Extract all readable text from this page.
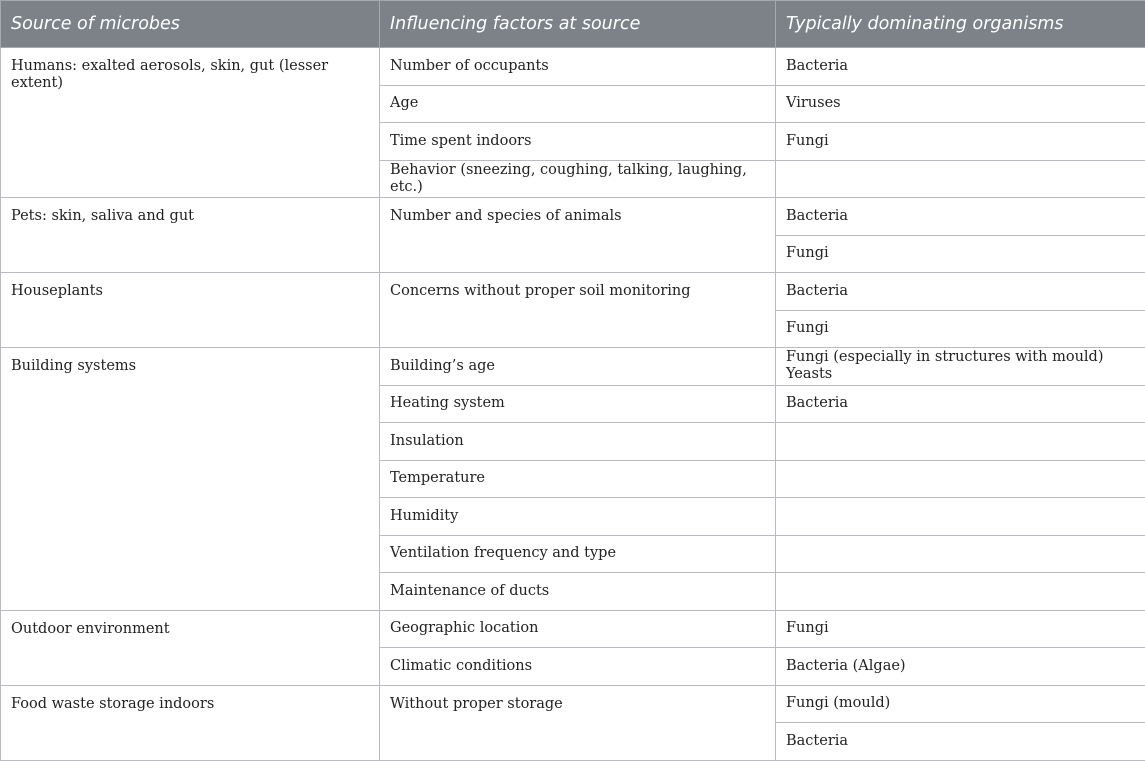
Source of microbes	Influencing factors at source	Typically dominating organisms
Humans: exalted aerosols, skin, gut (lesser extent)	Number of occupants	Bacteria
	Age	Viruses
	Time spent indoors	Fungi
	Behavior (sneezing, coughing, talking, laughing, etc.)	
Pets: skin, saliva and gut	Number and species of animals	Bacteria
		Fungi
Houseplants	Concerns without proper soil monitoring	Bacteria
		Fungi
Building systems	Building’s age	Fungi (especially in structures with mould) Yeasts
	Heating system	Bacteria
	Insulation	
	Temperature	
	Humidity	
	Ventilation frequency and type	
	Maintenance of ducts	
Outdoor environment	Geographic location	Fungi
	Climatic conditions	Bacteria (Algae)
Food waste storage indoors	Without proper storage	Fungi (mould)
		Bacteria
